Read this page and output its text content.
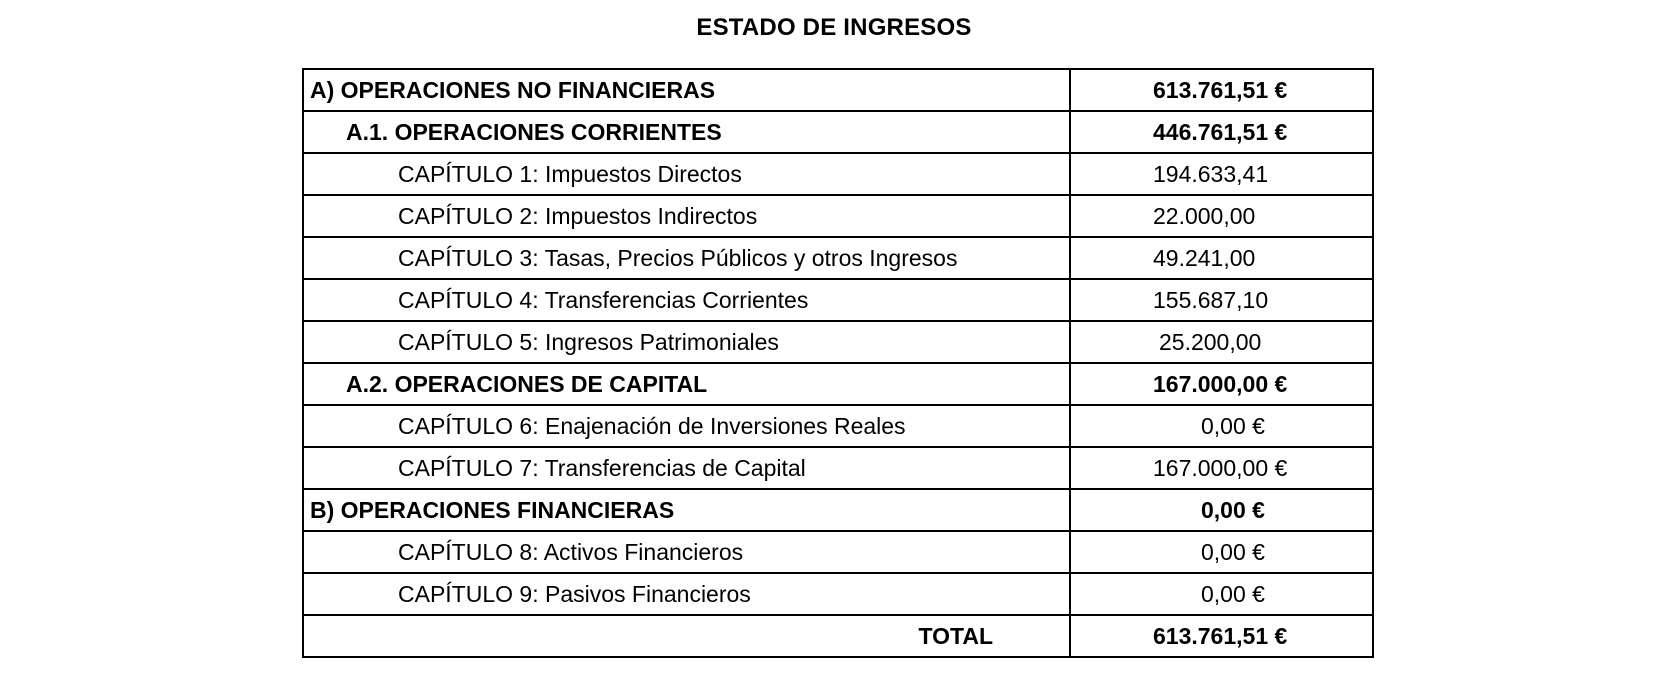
ESTADO DE INGRESOS
A) OPERACIONES NO FINANCIERAS	613.761,51 €
A.1. OPERACIONES CORRIENTES	446.761,51 €
CAPÍTULO 1: Impuestos Directos	194.633,41
CAPÍTULO 2: Impuestos Indirectos	22.000,00
CAPÍTULO 3: Tasas, Precios Públicos y otros Ingresos	49.241,00
CAPÍTULO 4: Transferencias Corrientes	155.687,10
CAPÍTULO 5: Ingresos Patrimoniales	25.200,00
A.2. OPERACIONES DE CAPITAL	167.000,00 €
CAPÍTULO 6: Enajenación de Inversiones Reales	0,00 €
CAPÍTULO 7: Transferencias de Capital	167.000,00 €
B) OPERACIONES FINANCIERAS	0,00 €
CAPÍTULO 8: Activos Financieros	0,00 €
CAPÍTULO 9: Pasivos Financieros	0,00 €
TOTAL	613.761,51 €
